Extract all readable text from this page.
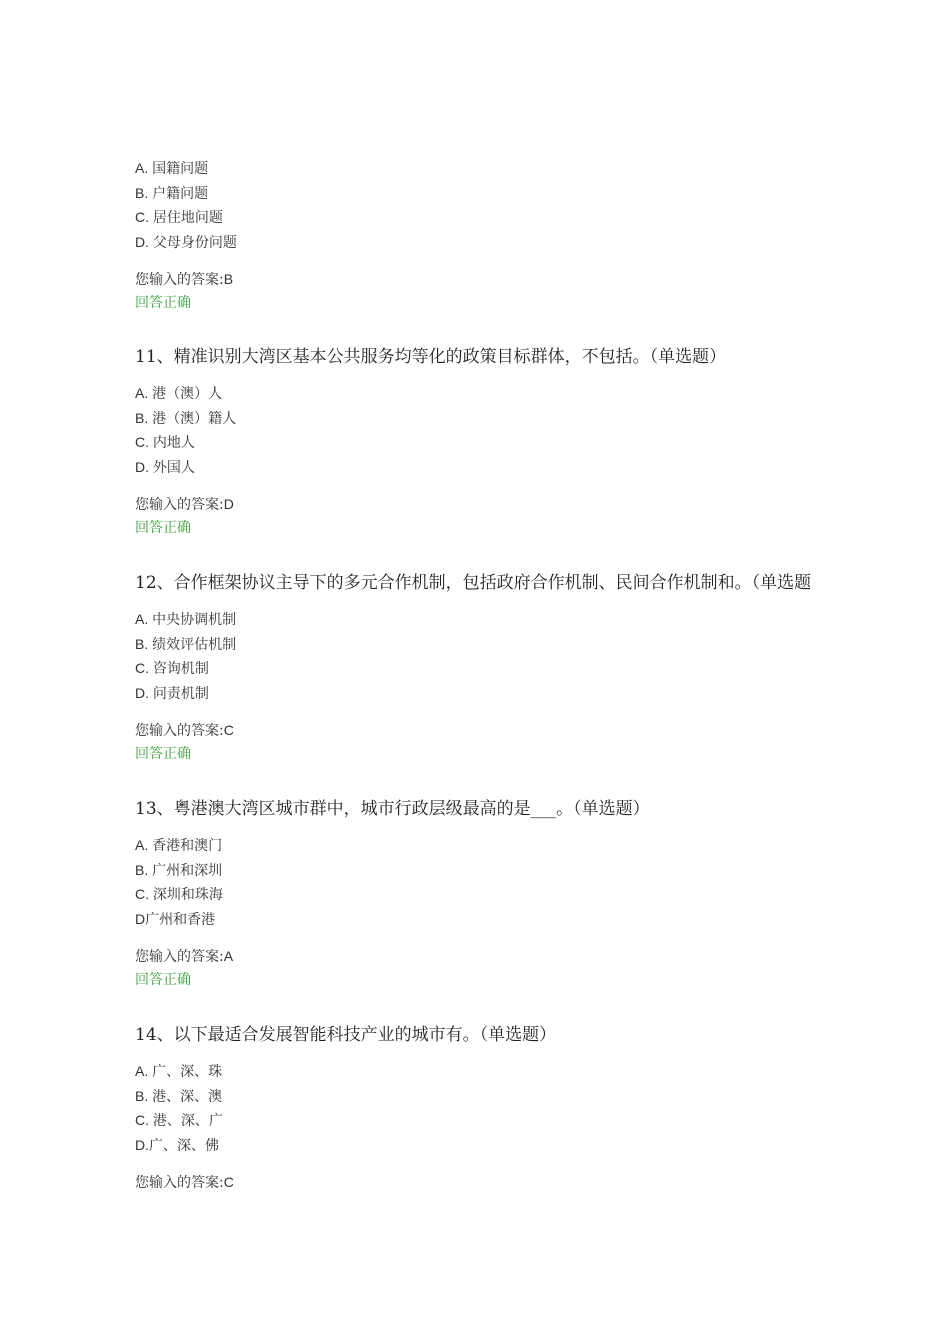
A. 国籍问题
B. 户籍问题
C. 居住地问题
D. 父母身份问题
您输入的答案:B
回答正确
11、精准识别大湾区基本公共服务均等化的政策目标群体，不包括。（单选题）
A. 港（澳）人
B. 港（澳）籍人
C. 内地人
D. 外国人
您输入的答案:D
回答正确
12、合作框架协议主导下的多元合作机制，包括政府合作机制、民间合作机制和。（单选题
A. 中央协调机制
B. 绩效评估机制
C. 咨询机制
D. 问责机制
您输入的答案:C
回答正确
13、粤港澳大湾区城市群中，城市行政层级最高的是___。（单选题）
A. 香港和澳门
B. 广州和深圳
C. 深圳和珠海
D广州和香港
您输入的答案:A
回答正确
14、以下最适合发展智能科技产业的城市有。（单选题）
A. 广、深、珠
B. 港、深、澳
C. 港、深、广
D.广、深、佛
您输入的答案:C
